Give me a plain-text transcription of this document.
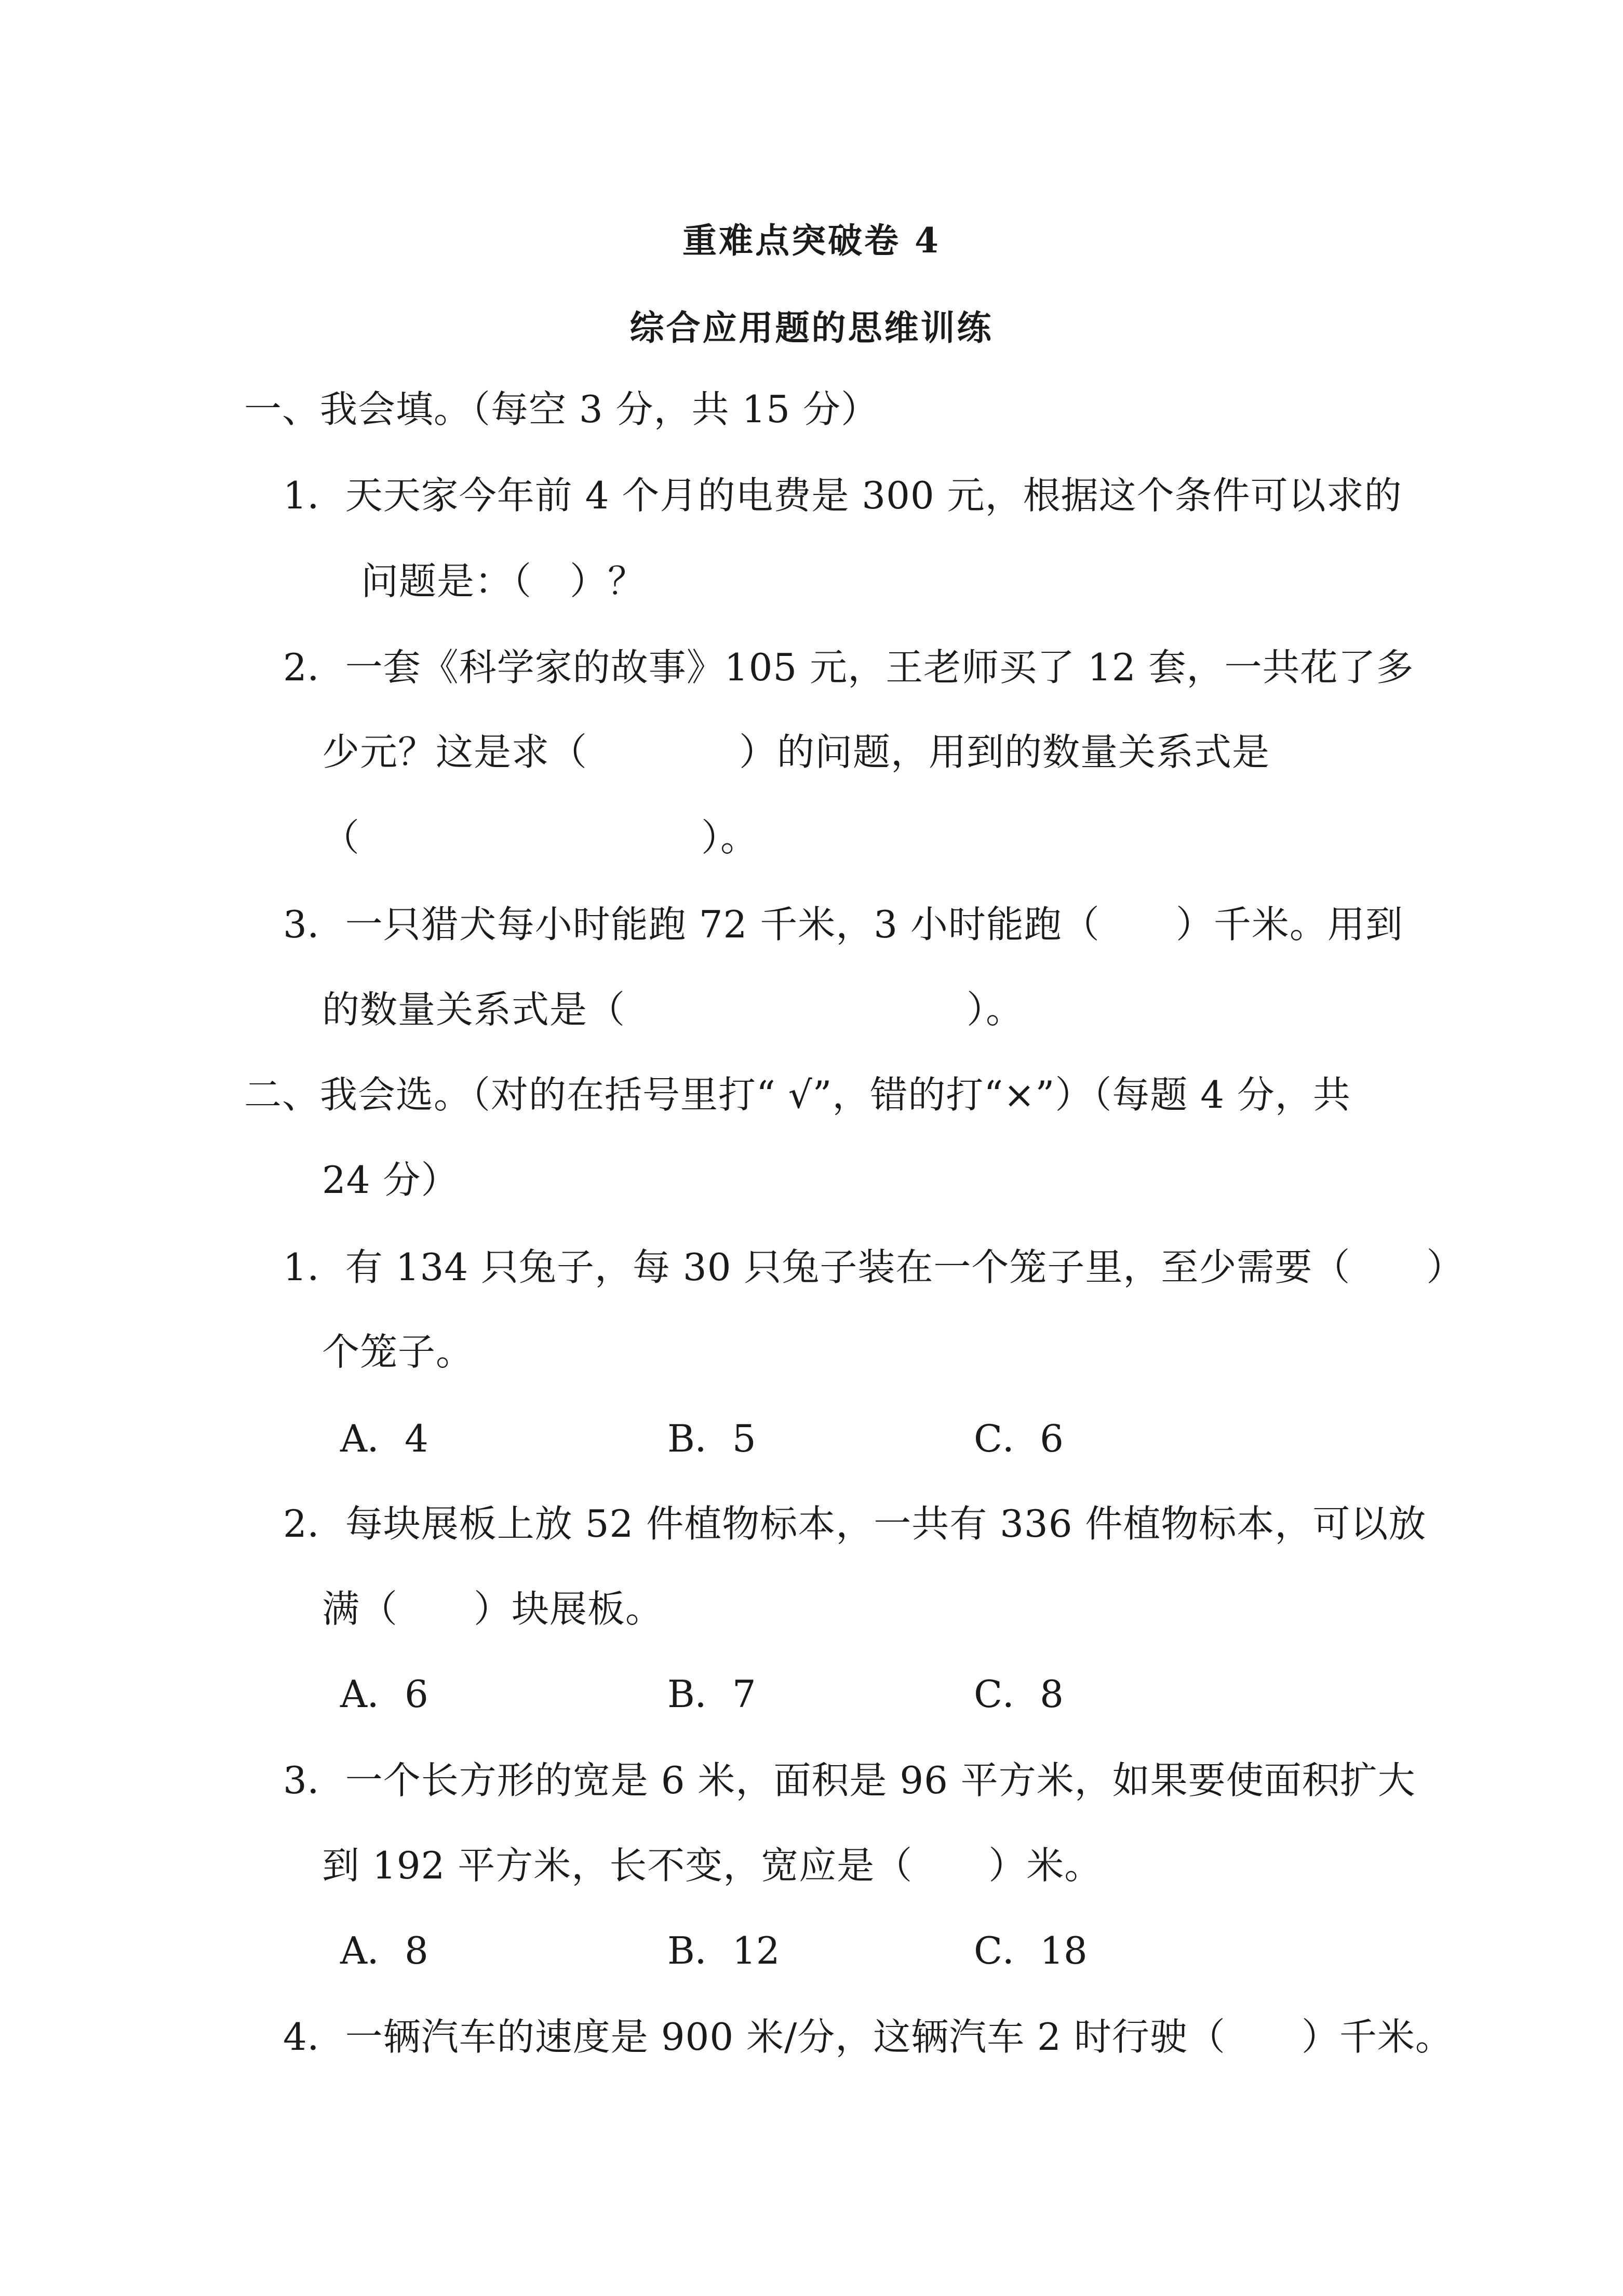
重难点突破卷 4
综合应用题的思维训练
一、我会填。（每空 3 分，共 15 分）
1．天天家今年前 4 个月的电费是 300 元，根据这个条件可以求的
问题是：（　）？
2．一套《科学家的故事》105 元，王老师买了 12 套，一共花了多
少元？这是求（　　　　）的问题，用到的数量关系式是
（　　　　　　　　　）。
3．一只猎犬每小时能跑 72 千米，3 小时能跑（　　）千米。用到
的数量关系式是（　　　　　　　　　）。
二、我会选。（对的在括号里打“ √”，错的打“×”）（每题 4 分，共
24 分）
1．有 134 只兔子，每 30 只兔子装在一个笼子里，至少需要（　　）
个笼子。
A．4	B．5	C．6
2．每块展板上放 52 件植物标本，一共有 336 件植物标本，可以放
满（　　）块展板。
A．6	B．7	C．8
3．一个长方形的宽是 6 米，面积是 96 平方米，如果要使面积扩大
到 192 平方米，长不变，宽应是（　　）米。
A．8	B．12	C．18
4．一辆汽车的速度是 900 米/分，这辆汽车 2 时行驶（　　）千米。
